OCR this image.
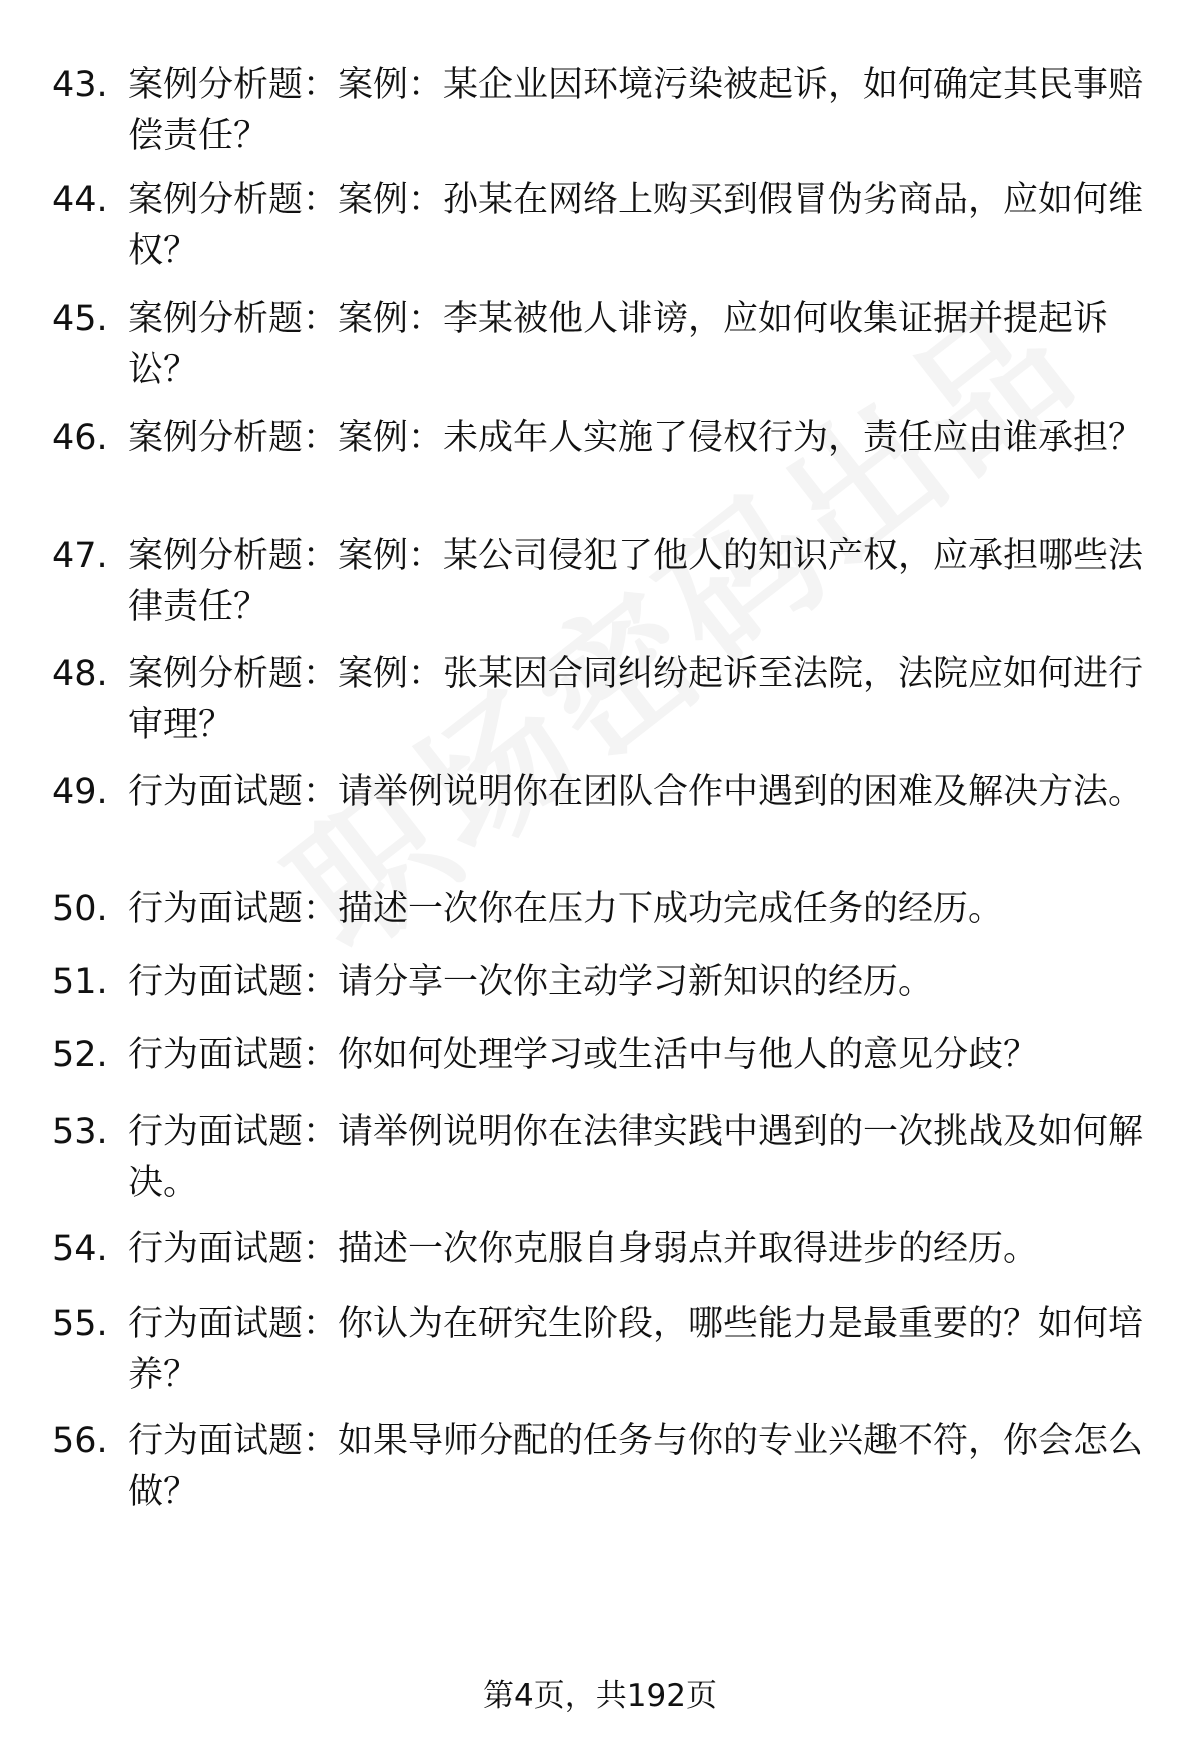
43. 案例分析题：案例：某企业因环境污染被起诉，如何确定其民事赔偿责任？
44. 案例分析题：案例：孙某在网络上购买到假冒伪劣商品，应如何维权？
45. 案例分析题：案例：李某被他人诽谤，应如何收集证据并提起诉讼？
46. 案例分析题：案例：未成年人实施了侵权行为，责任应由谁承担？
47. 案例分析题：案例：某公司侵犯了他人的知识产权，应承担哪些法律责任？
48. 案例分析题：案例：张某因合同纠纷起诉至法院，法院应如何进行审理？
49. 行为面试题：请举例说明你在团队合作中遇到的困难及解决方法。
50. 行为面试题：描述一次你在压力下成功完成任务的经历。
51. 行为面试题：请分享一次你主动学习新知识的经历。
52. 行为面试题：你如何处理学习或生活中与他人的意见分歧？
53. 行为面试题：请举例说明你在法律实践中遇到的一次挑战及如何解决。
54. 行为面试题：描述一次你克服自身弱点并取得进步的经历。
55. 行为面试题：你认为在研究生阶段，哪些能力是最重要的？如何培养？
56. 行为面试题：如果导师分配的任务与你的专业兴趣不符，你会怎么做？
第4页，共192页
